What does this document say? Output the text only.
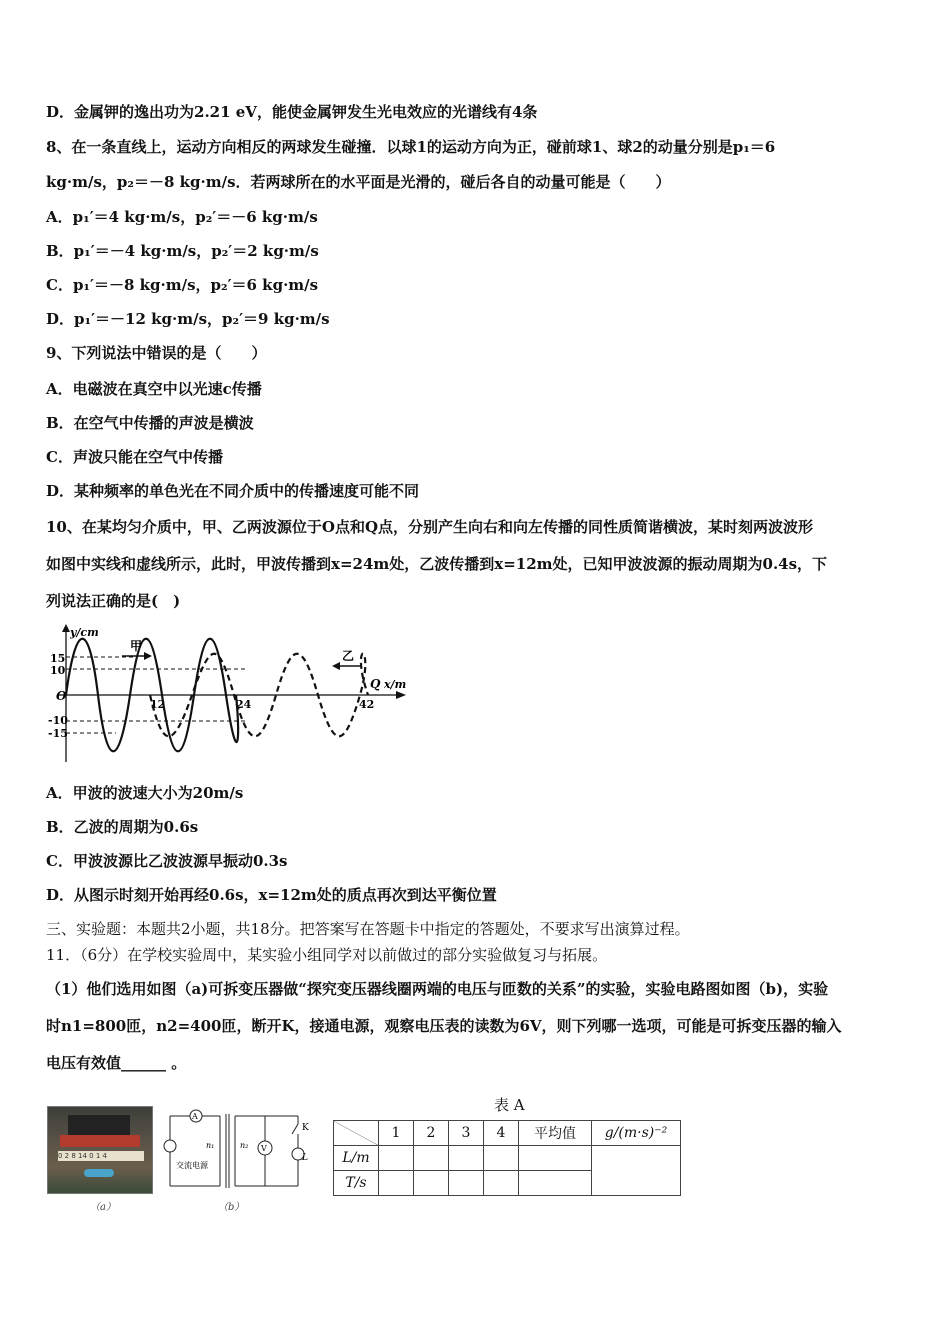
D．金属钾的逸出功为2.21 eV，能使金属钾发生光电效应的光谱线有4条
8、在一条直线上，运动方向相反的两球发生碰撞．以球1的运动方向为正，碰前球1、球2的动量分别是p₁＝6
kg·m/s，p₂＝－8 kg·m/s．若两球所在的水平面是光滑的，碰后各自的动量可能是（　　）
A．p₁′＝4 kg·m/s，p₂′＝－6 kg·m/s
B．p₁′＝－4 kg·m/s，p₂′＝2 kg·m/s
C．p₁′＝－8 kg·m/s，p₂′＝6 kg·m/s
D．p₁′＝－12 kg·m/s，p₂′＝9 kg·m/s
9、下列说法中错误的是（　　）
A．电磁波在真空中以光速c传播
B．在空气中传播的声波是横波
C．声波只能在空气中传播
D．某种频率的单色光在不同介质中的传播速度可能不同
10、在某均匀介质中，甲、乙两波源位于O点和Q点，分别产生向右和向左传播的同性质简谐横波，某时刻两波波形
如图中实线和虚线所示，此时，甲波传播到x=24m处，乙波传播到x=12m处，已知甲波波源的振动周期为0.4s，下
列说法正确的是(　)
y/cm
x/m
15
10
-10
-15
O
12	24	42
甲
乙
Q
A．甲波的波速大小为20m/s
B．乙波的周期为0.6s
C．甲波波源比乙波波源早振动0.3s
D．从图示时刻开始再经0.6s，x=12m处的质点再次到达平衡位置
三、实验题：本题共2小题，共18分。把答案写在答题卡中指定的答题处，不要求写出演算过程。
11．（6分）在学校实验周中，某实验小组同学对以前做过的部分实验做复习与拓展。
（1）他们选用如图（a)可拆变压器做“探究变压器线圈两端的电压与匝数的关系”的实验，实验电路图如图（b)，实验
时n1=800匝，n2=400匝，断开K，接通电源，观察电压表的读数为6V，则下列哪一选项，可能是可拆变压器的输入
电压有效值______ 。
0 2 8 14 0 1 4
（a）
A
交流电源
n₁	n₂ V
K
L
（b）
表 A
	1	2	3	4	平均值	g/(m·s)⁻²
L/m						
T/s						
